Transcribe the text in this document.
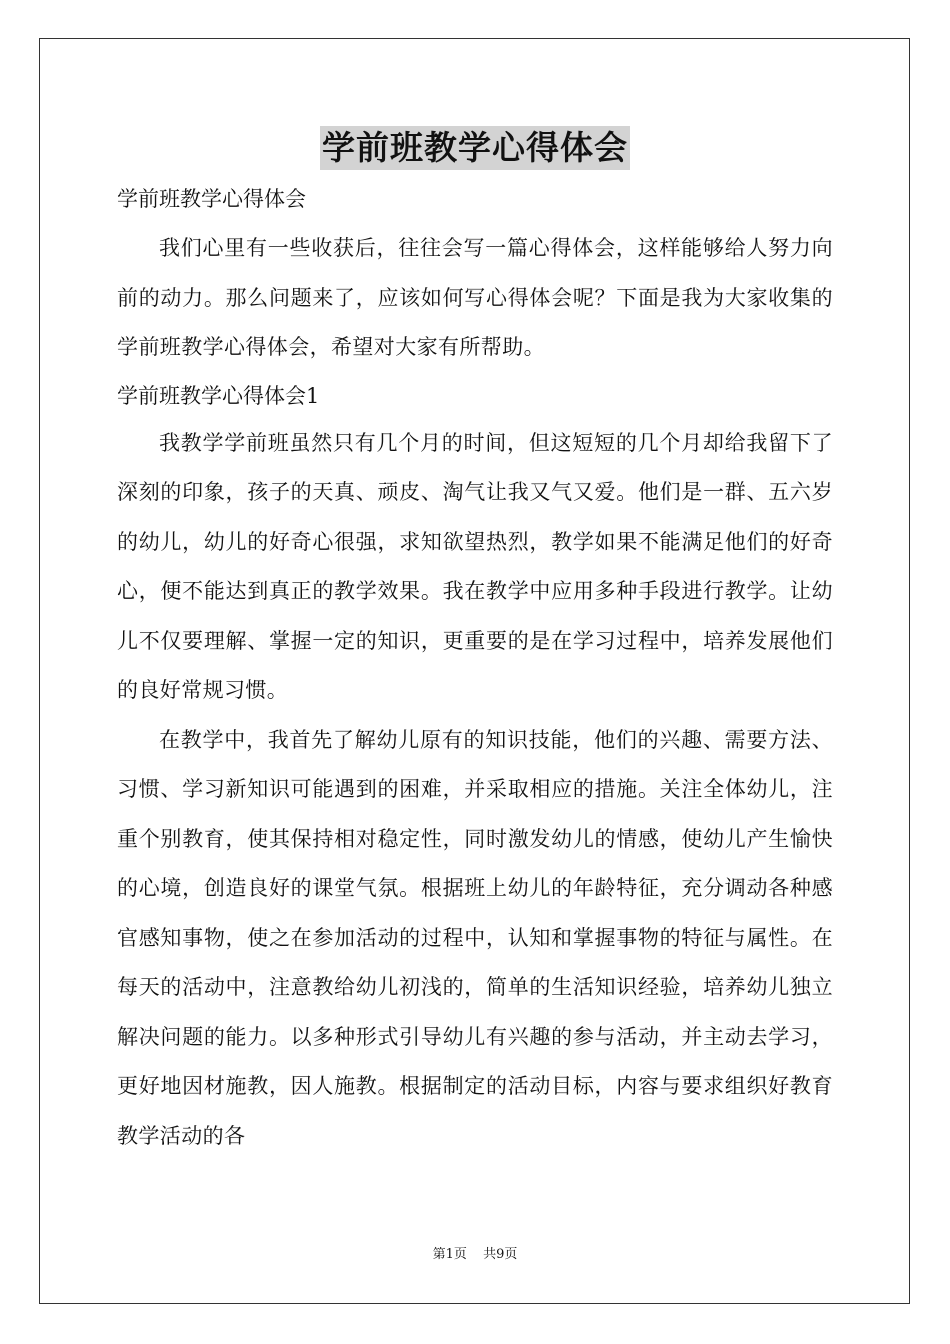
学前班教学心得体会

学前班教学心得体会

我们心里有一些收获后，往往会写一篇心得体会，这样能够给人努力向前的动力。那么问题来了，应该如何写心得体会呢？下面是我为大家收集的学前班教学心得体会，希望对大家有所帮助。

学前班教学心得体会1

我教学学前班虽然只有几个月的时间，但这短短的几个月却给我留下了深刻的印象，孩子的天真、顽皮、淘气让我又气又爱。他们是一群、五六岁的幼儿，幼儿的好奇心很强，求知欲望热烈，教学如果不能满足他们的好奇心，便不能达到真正的教学效果。我在教学中应用多种手段进行教学。让幼儿不仅要理解、掌握一定的知识，更重要的是在学习过程中，培养发展他们的良好常规习惯。

在教学中，我首先了解幼儿原有的知识技能，他们的兴趣、需要方法、习惯、学习新知识可能遇到的困难，并采取相应的措施。关注全体幼儿，注重个别教育，使其保持相对稳定性，同时激发幼儿的情感，使幼儿产生愉快的心境，创造良好的课堂气氛。根据班上幼儿的年龄特征，充分调动各种感官感知事物，使之在参加活动的过程中，认知和掌握事物的特征与属性。在每天的活动中，注意教给幼儿初浅的，简单的生活知识经验，培养幼儿独立解决问题的能力。以多种形式引导幼儿有兴趣的参与活动，并主动去学习，更好地因材施教，因人施教。根据制定的活动目标，内容与要求组织好教育教学活动的各

第1页 共9页
